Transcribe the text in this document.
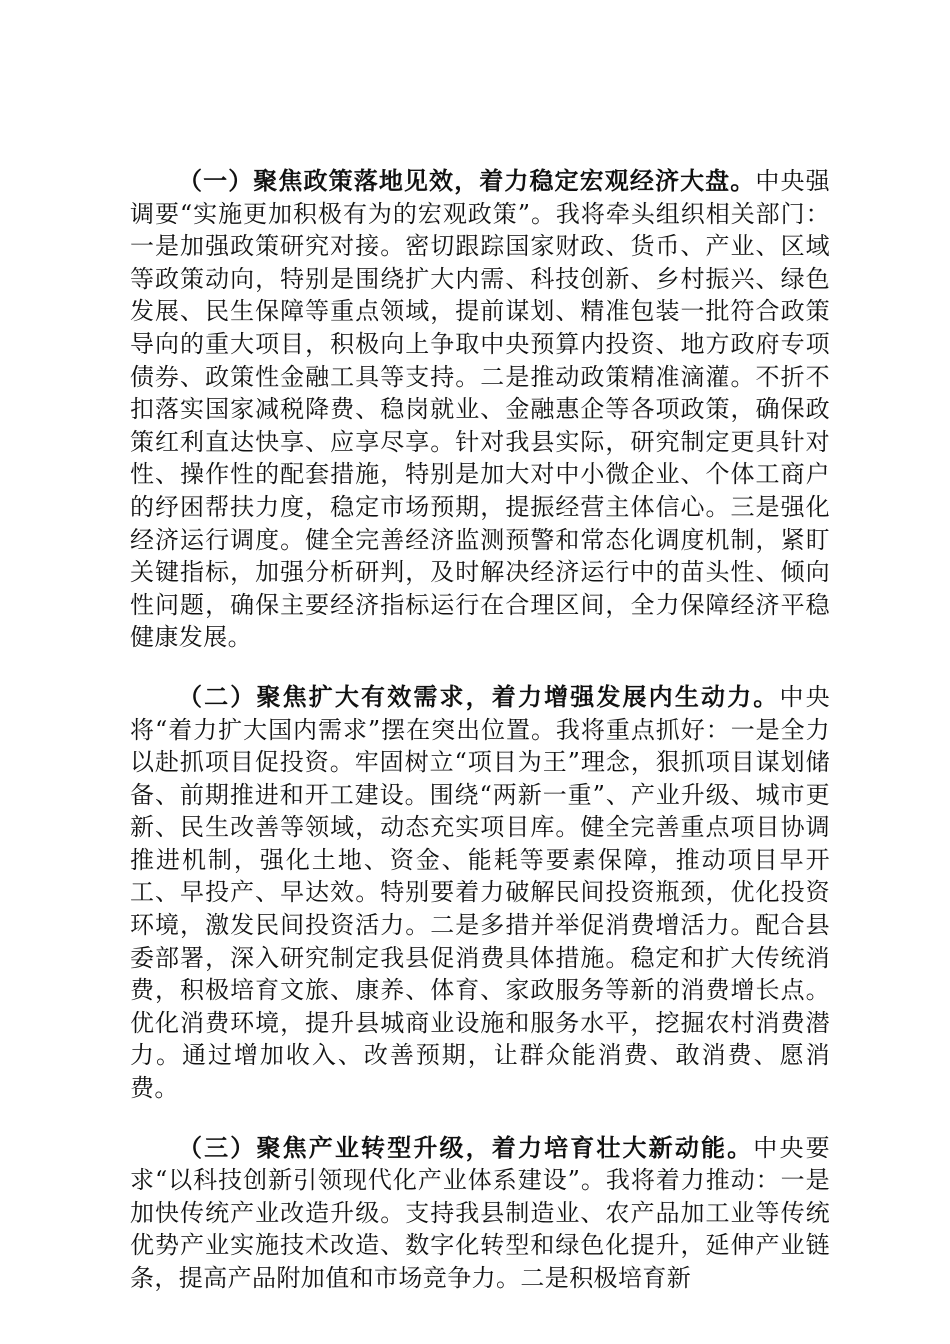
（一）聚焦政策落地见效，着力稳定宏观经济大盘。中央强调要“实施更加积极有为的宏观政策”。我将牵头组织相关部门：一是加强政策研究对接。密切跟踪国家财政、货币、产业、区域等政策动向，特别是围绕扩大内需、科技创新、乡村振兴、绿色发展、民生保障等重点领域，提前谋划、精准包装一批符合政策导向的重大项目，积极向上争取中央预算内投资、地方政府专项债券、政策性金融工具等支持。二是推动政策精准滴灌。不折不扣落实国家减税降费、稳岗就业、金融惠企等各项政策，确保政策红利直达快享、应享尽享。针对我县实际，研究制定更具针对性、操作性的配套措施，特别是加大对中小微企业、个体工商户的纾困帮扶力度，稳定市场预期，提振经营主体信心。三是强化经济运行调度。健全完善经济监测预警和常态化调度机制，紧盯关键指标，加强分析研判，及时解决经济运行中的苗头性、倾向性问题，确保主要经济指标运行在合理区间，全力保障经济平稳健康发展。

（二）聚焦扩大有效需求，着力增强发展内生动力。中央将“着力扩大国内需求”摆在突出位置。我将重点抓好：一是全力以赴抓项目促投资。牢固树立“项目为王”理念，狠抓项目谋划储备、前期推进和开工建设。围绕“两新一重”、产业升级、城市更新、民生改善等领域，动态充实项目库。健全完善重点项目协调推进机制，强化土地、资金、能耗等要素保障，推动项目早开工、早投产、早达效。特别要着力破解民间投资瓶颈，优化投资环境，激发民间投资活力。二是多措并举促消费增活力。配合县委部署，深入研究制定我县促消费具体措施。稳定和扩大传统消费，积极培育文旅、康养、体育、家政服务等新的消费增长点。优化消费环境，提升县城商业设施和服务水平，挖掘农村消费潜力。通过增加收入、改善预期，让群众能消费、敢消费、愿消费。

（三）聚焦产业转型升级，着力培育壮大新动能。中央要求“以科技创新引领现代化产业体系建设”。我将着力推动：一是加快传统产业改造升级。支持我县制造业、农产品加工业等传统优势产业实施技术改造、数字化转型和绿色化提升，延伸产业链条，提高产品附加值和市场竞争力。二是积极培育新
